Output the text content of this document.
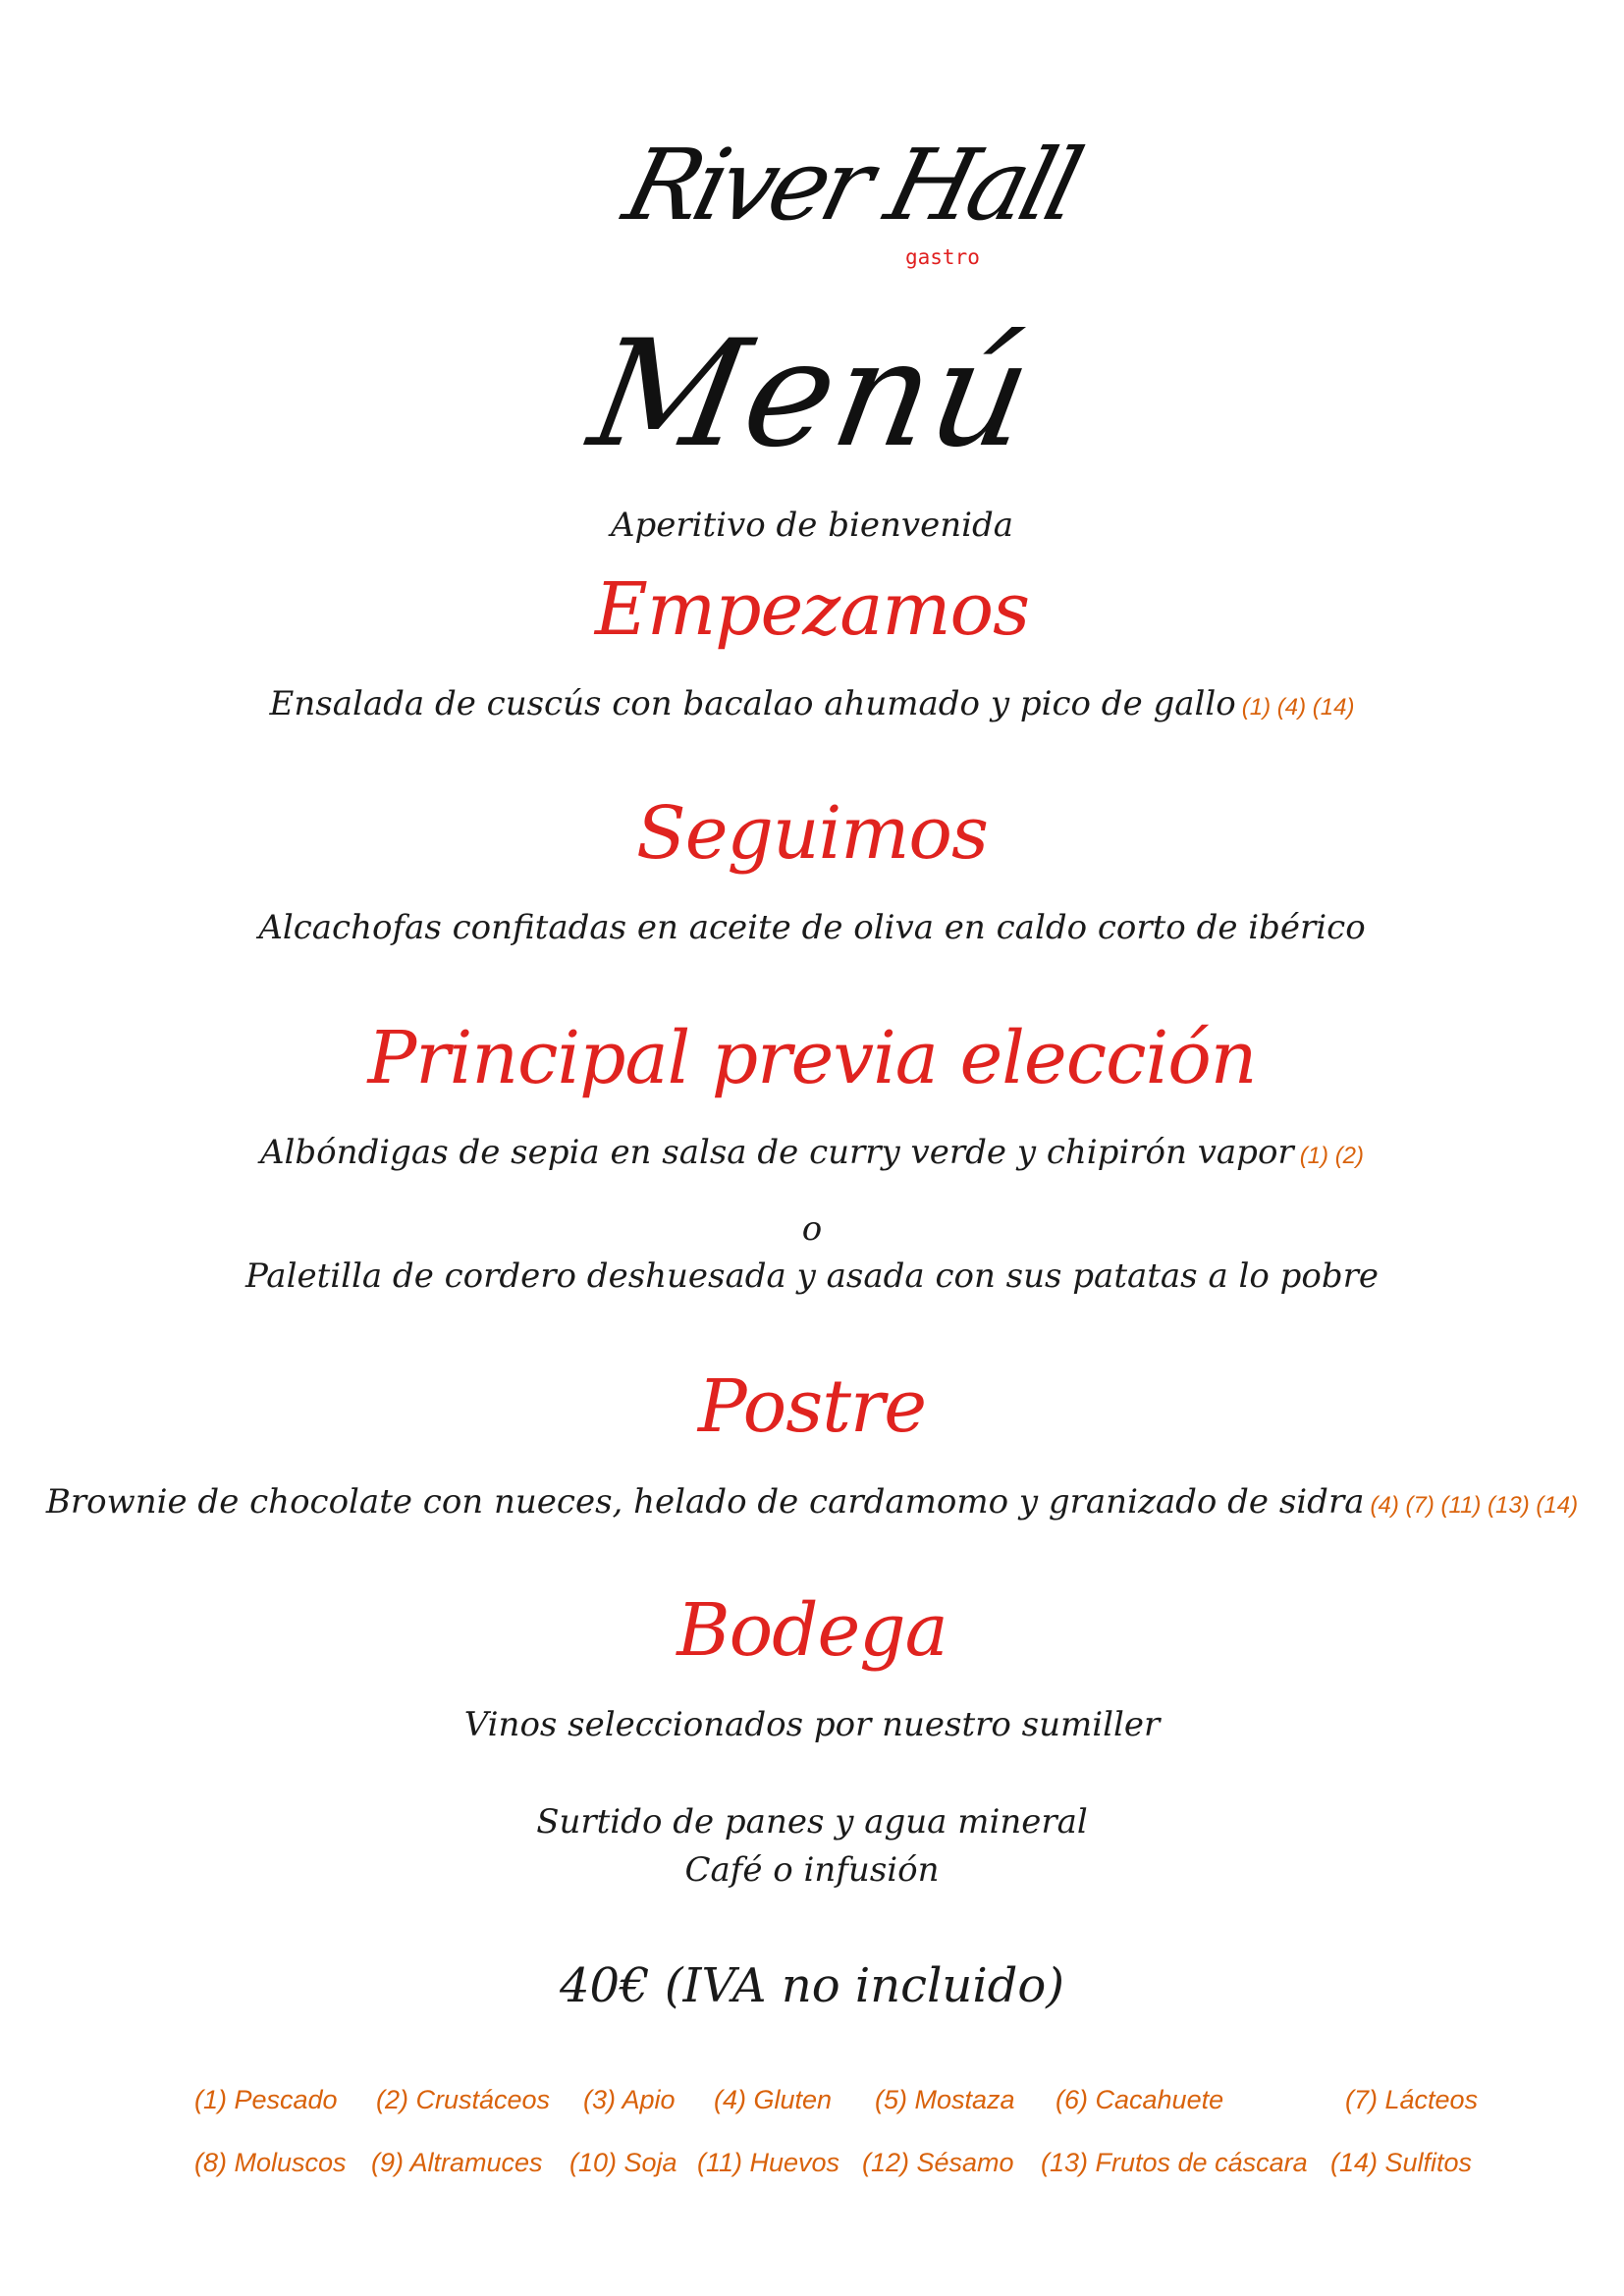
River Hall
gastro
Menú
Aperitivo de bienvenida
Empezamos
Ensalada de cuscús con bacalao ahumado y pico de gallo (1) (4) (14)
Seguimos
Alcachofas confitadas en aceite de oliva en caldo corto de ibérico
Principal previa elección
Albóndigas de sepia en salsa de curry verde y chipirón vapor (1) (2)
o
Paletilla de cordero deshuesada y asada con sus patatas a lo pobre
Postre
Brownie de chocolate con nueces, helado de cardamomo y granizado de sidra (4) (7) (11) (13) (14)
Bodega
Vinos seleccionados por nuestro sumiller
Surtido de panes y agua mineral
Café o infusión
40€ (IVA no incluido)
(1) Pescado (2) Crustáceos (3) Apio (4) Gluten (5) Mostaza (6) Cacahuete	(7) Lácteos
(8) Moluscos (9) Altramuces (10) Soja (11) Huevos (12) Sésamo (13) Frutos de cáscara (14) Sulfitos
